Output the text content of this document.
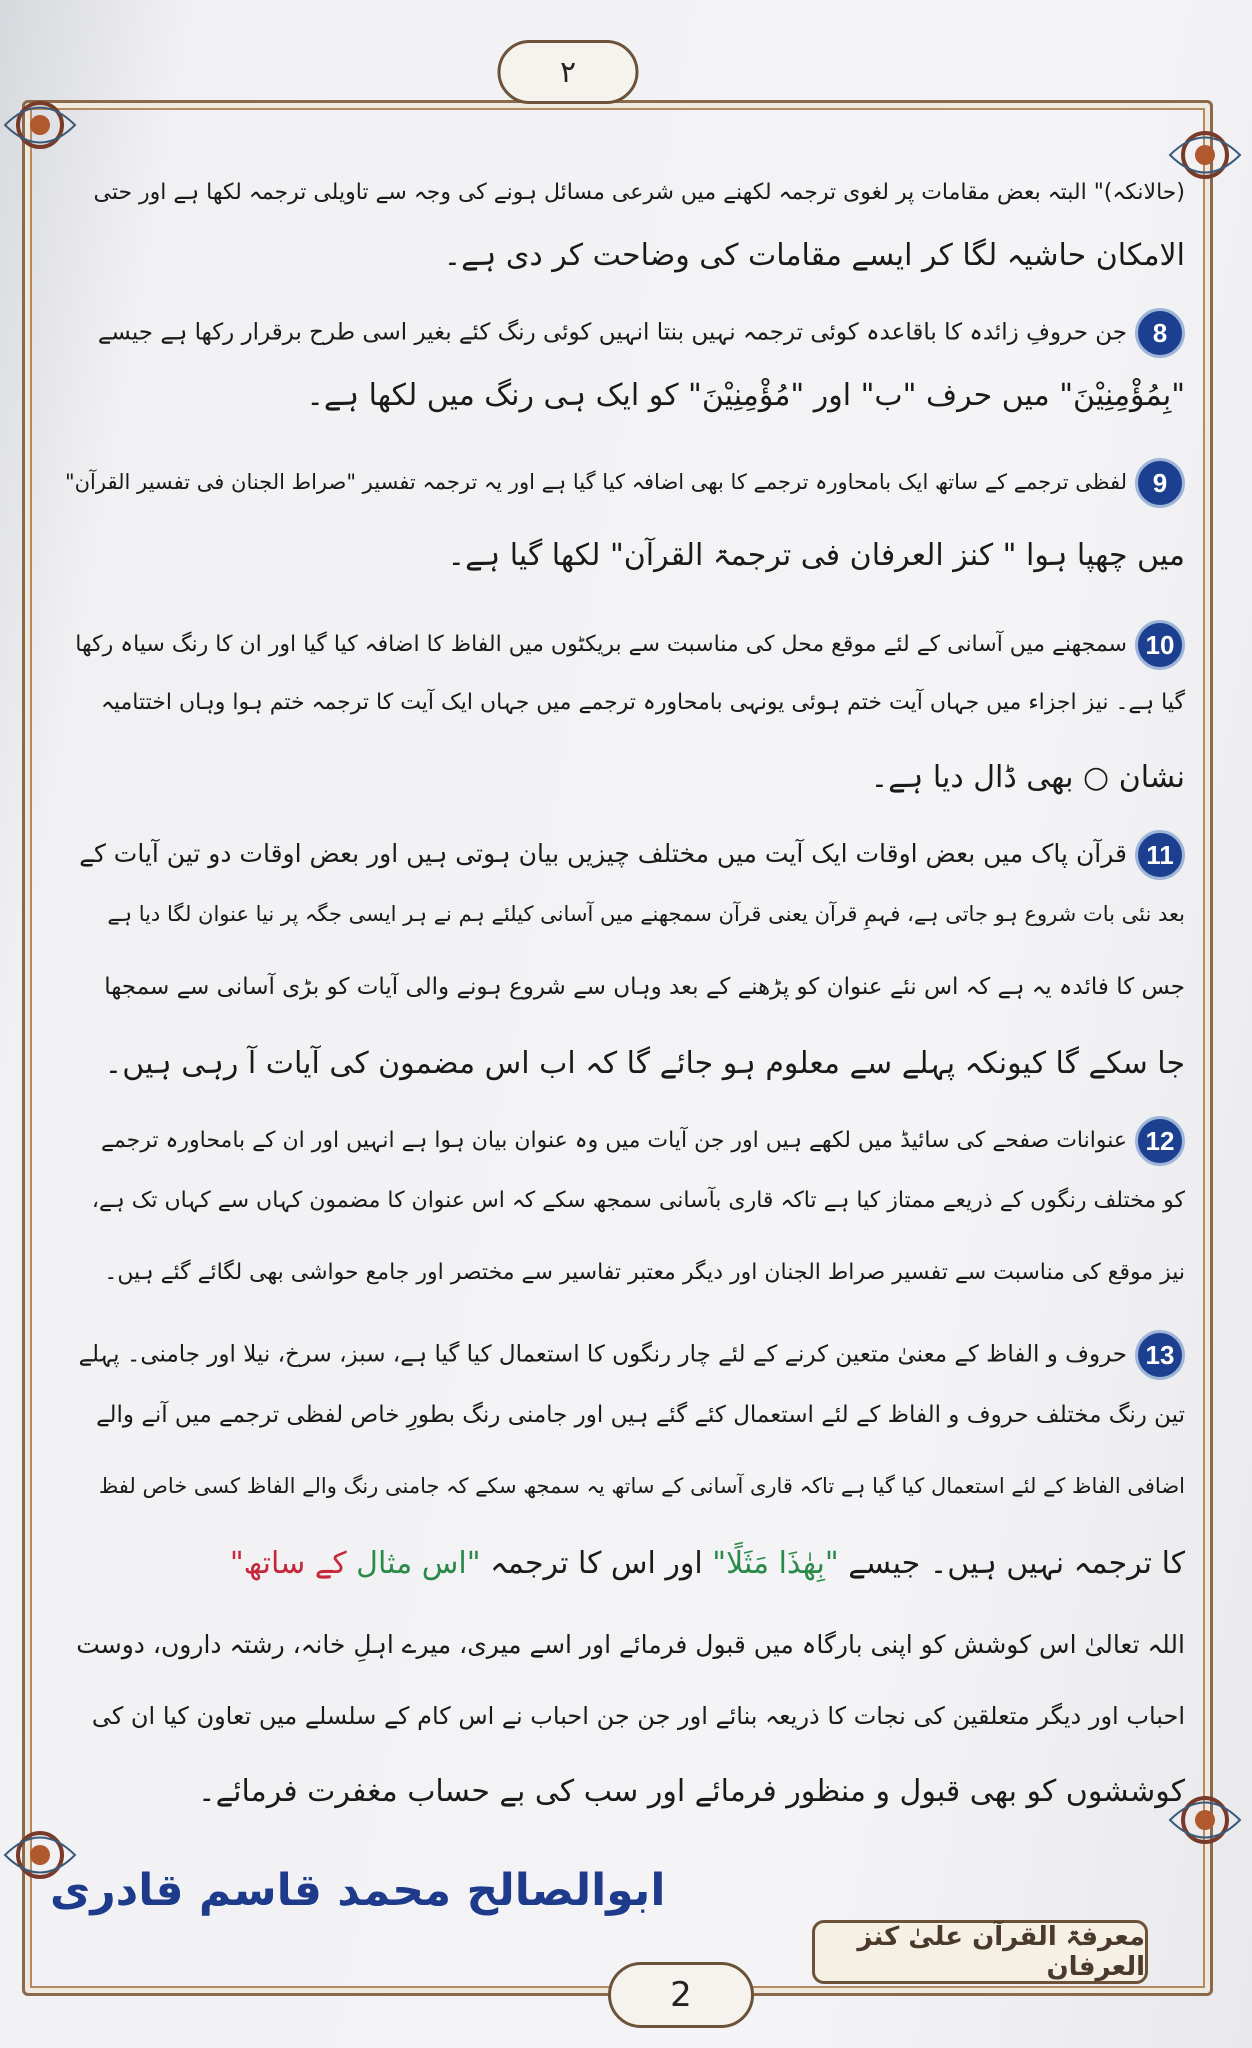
۲
(حالانکہ)" البتہ بعض مقامات پر لغوی ترجمہ لکھنے میں شرعی مسائل ہونے کی وجہ سے تاویلی ترجمہ لکھا ہے اور حتی
الامکان حاشیہ لگا کر ایسے مقامات کی وضاحت کر دی ہے۔
8جن حروفِ زائدہ کا باقاعدہ کوئی ترجمہ نہیں بنتا انہیں کوئی رنگ کئے بغیر اسی طرح برقرار رکھا ہے جیسے
"بِمُؤْمِنِیْنَ" میں حرف "ب" اور "مُؤْمِنِیْنَ" کو ایک ہی رنگ میں لکھا ہے۔
9لفظی ترجمے کے ساتھ ایک بامحاورہ ترجمے کا بھی اضافہ کیا گیا ہے اور یہ ترجمہ تفسیر "صراط الجنان فی تفسیر القرآن"
میں چھپا ہوا " کنز العرفان فی ترجمۃ القرآن" لکھا گیا ہے۔
10سمجھنے میں آسانی کے لئے موقع محل کی مناسبت سے بریکٹوں میں الفاظ کا اضافہ کیا گیا اور ان کا رنگ سیاہ رکھا
گیا ہے۔ نیز اجزاء میں جہاں آیت ختم ہوئی یونہی بامحاورہ ترجمے میں جہاں ایک آیت کا ترجمہ ختم ہوا وہاں اختتامیہ
نشان ○ بھی ڈال دیا ہے۔
11قرآن پاک میں بعض اوقات ایک آیت میں مختلف چیزیں بیان ہوتی ہیں اور بعض اوقات دو تین آیات کے
بعد نئی بات شروع ہو جاتی ہے، فہمِ قرآن یعنی قرآن سمجھنے میں آسانی کیلئے ہم نے ہر ایسی جگہ پر نیا عنوان لگا دیا ہے
جس کا فائدہ یہ ہے کہ اس نئے عنوان کو پڑھنے کے بعد وہاں سے شروع ہونے والی آیات کو بڑی آسانی سے سمجھا
جا سکے گا کیونکہ پہلے سے معلوم ہو جائے گا کہ اب اس مضمون کی آیات آ رہی ہیں۔
12عنوانات صفحے کی سائیڈ میں لکھے ہیں اور جن آیات میں وہ عنوان بیان ہوا ہے انہیں اور ان کے بامحاورہ ترجمے
کو مختلف رنگوں کے ذریعے ممتاز کیا ہے تاکہ قاری بآسانی سمجھ سکے کہ اس عنوان کا مضمون کہاں سے کہاں تک ہے،
نیز موقع کی مناسبت سے تفسیر صراط الجنان اور دیگر معتبر تفاسیر سے مختصر اور جامع حواشی بھی لگائے گئے ہیں۔
13حروف و الفاظ کے معنیٰ متعین کرنے کے لئے چار رنگوں کا استعمال کیا گیا ہے، سبز، سرخ، نیلا اور جامنی۔ پہلے
تین رنگ مختلف حروف و الفاظ کے لئے استعمال کئے گئے ہیں اور جامنی رنگ بطورِ خاص لفظی ترجمے میں آنے والے
اضافی الفاظ کے لئے استعمال کیا گیا ہے تاکہ قاری آسانی کے ساتھ یہ سمجھ سکے کہ جامنی رنگ والے الفاظ کسی خاص لفظ
کا ترجمہ نہیں ہیں۔ جیسے "بِهٰذَا مَثَلًا" اور اس کا ترجمہ "اس مثال کے ساتھ"
اللہ تعالیٰ اس کوشش کو اپنی بارگاہ میں قبول فرمائے اور اسے میری، میرے اہلِ خانہ، رشتہ داروں، دوست
احباب اور دیگر متعلقین کی نجات کا ذریعہ بنائے اور جن جن احباب نے اس کام کے سلسلے میں تعاون کیا ان کی
کوششوں کو بھی قبول و منظور فرمائے اور سب کی بے حساب مغفرت فرمائے۔
ابوالصالح محمد قاسم قادری
معرفۃ القرآن علیٰ کنز العرفان
2
